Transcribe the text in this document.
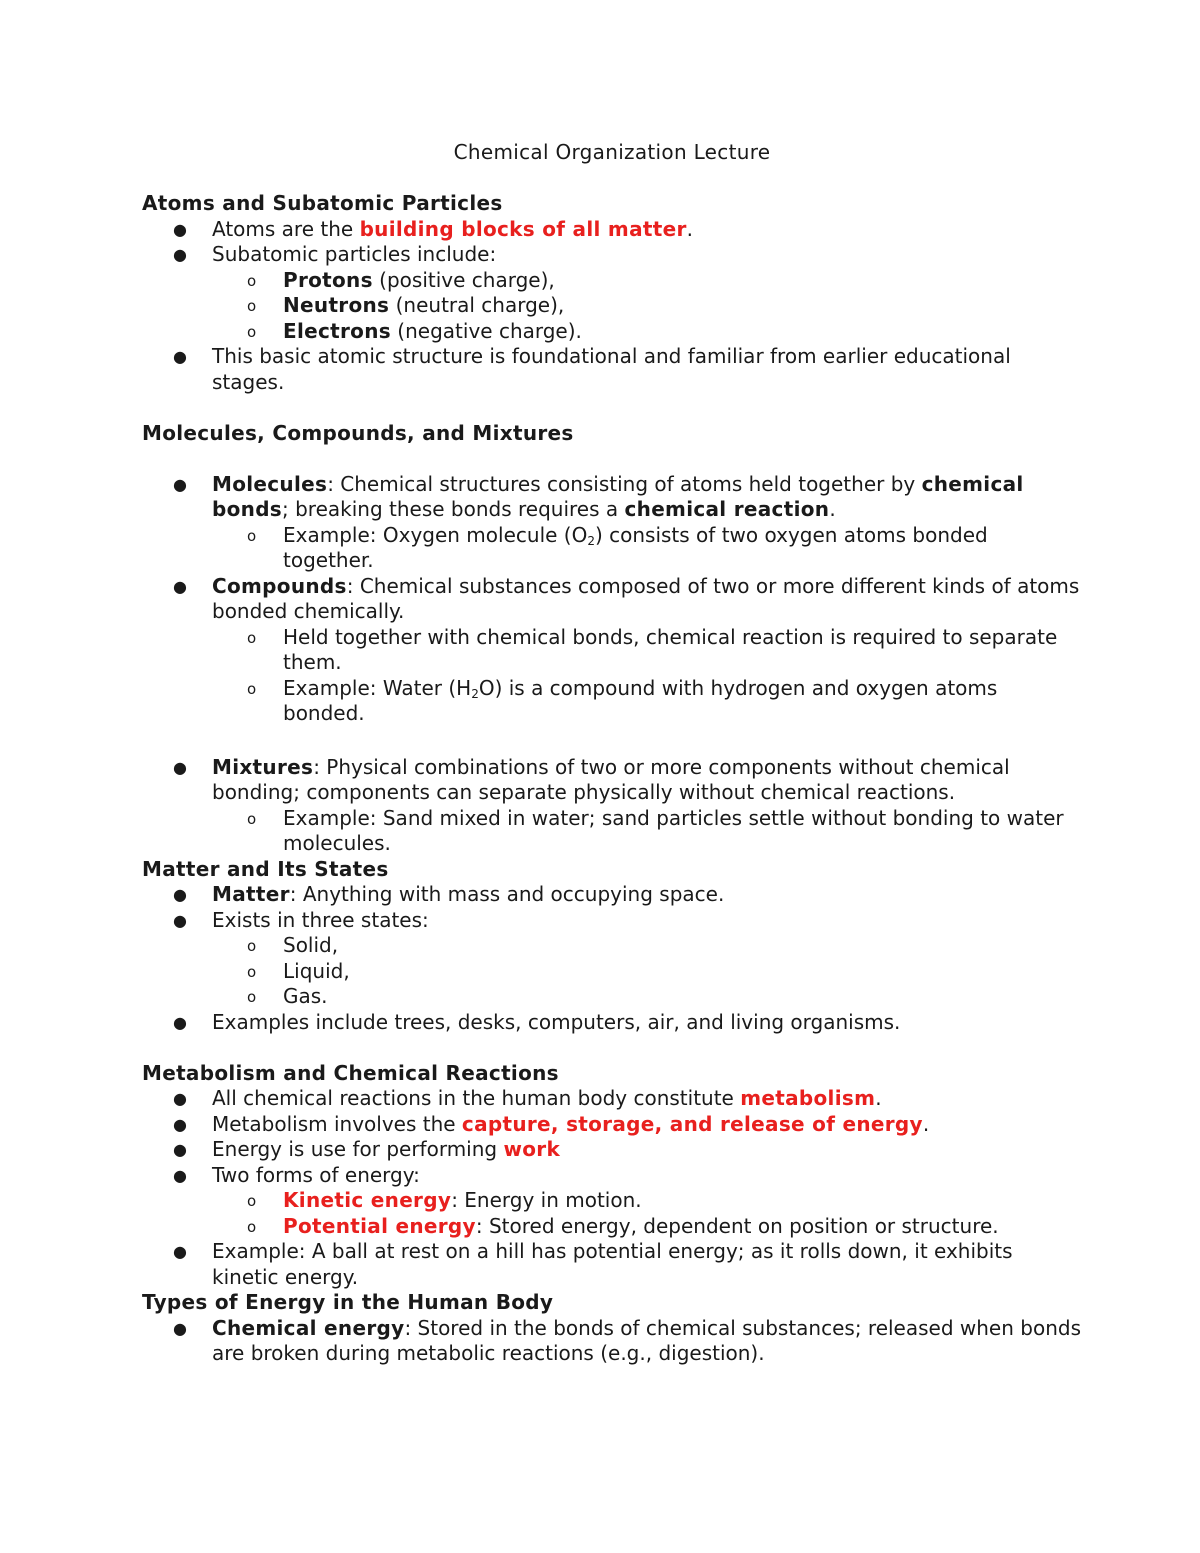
Chemical Organization Lecture
Atoms and Subatomic Particles
● Atoms are the building blocks of all matter.
● Subatomic particles include:
o Protons (positive charge),
o Neutrons (neutral charge),
o Electrons (negative charge).
● This basic atomic structure is foundational and familiar from earlier educational stages.
Molecules, Compounds, and Mixtures
● Molecules: Chemical structures consisting of atoms held together by chemical bonds; breaking these bonds requires a chemical reaction.
o Example: Oxygen molecule $(O_2)$ consists of two oxygen atoms bonded together.
● Compounds: Chemical substances composed of two or more different kinds of atoms bonded chemically.
o Held together with chemical bonds, chemical reaction is required to separate them.
o Example: Water $(H_2O)$ is a compound with hydrogen and oxygen atoms bonded.
● Mixtures: Physical combinations of two or more components without chemical bonding; components can separate physically without chemical reactions.
o Example: Sand mixed in water; sand particles settle without bonding to water molecules.
Matter and Its States
● Matter: Anything with mass and occupying space.
● Exists in three states:
o Solid,
o Liquid,
o Gas.
● Examples include trees, desks, computers, air, and living organisms.
Metabolism and Chemical Reactions
● All chemical reactions in the human body constitute metabolism.
● Metabolism involves the capture, storage, and release of energy.
● Energy is use for performing work
● Two forms of energy:
o Kinetic energy: Energy in motion.
o Potential energy: Stored energy, dependent on position or structure.
● Example: A ball at rest on a hill has potential energy; as it rolls down, it exhibits kinetic energy.
Types of Energy in the Human Body
● Chemical energy: Stored in the bonds of chemical substances; released when bonds are broken during metabolic reactions (e.g., digestion).
